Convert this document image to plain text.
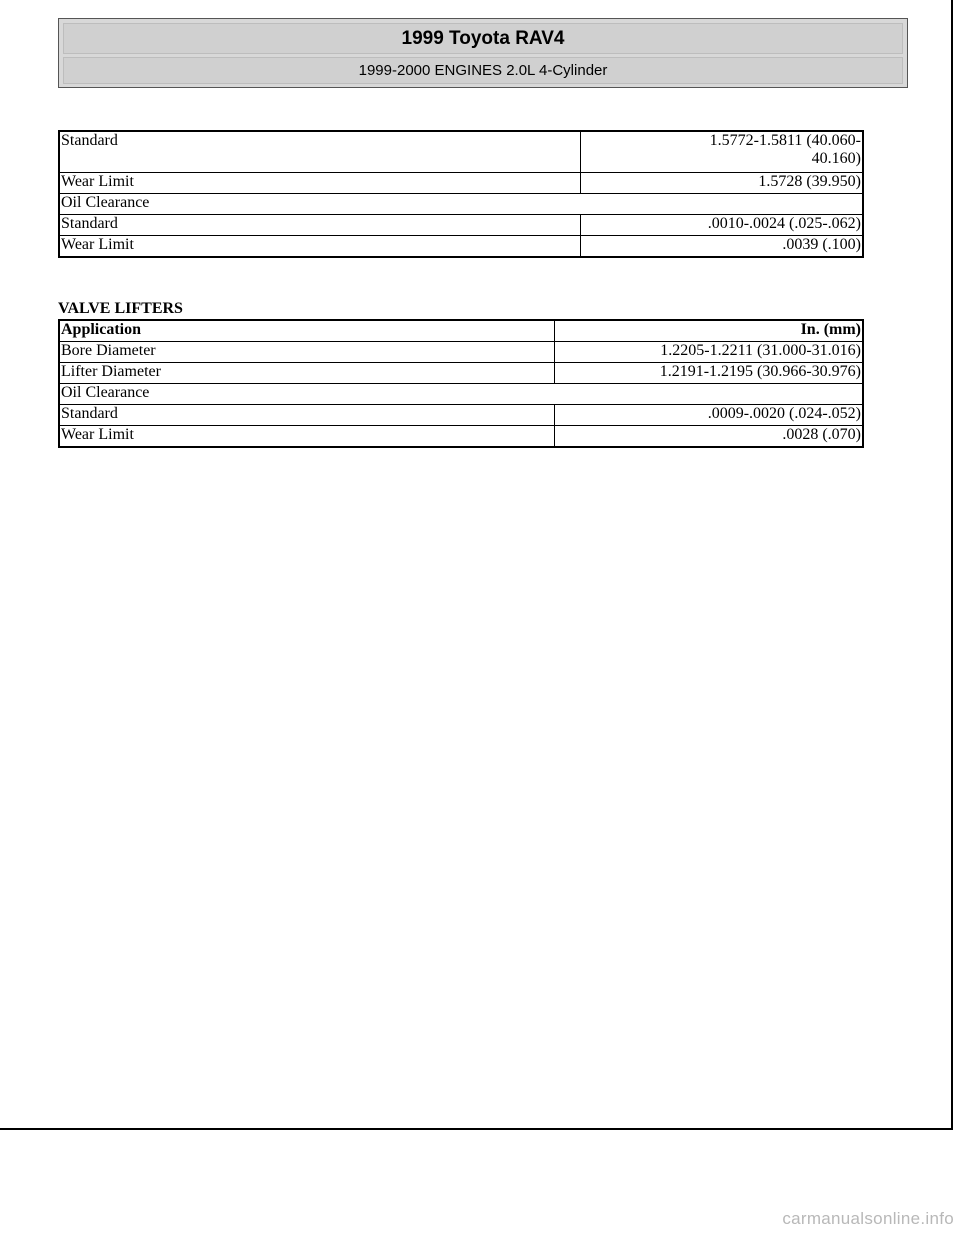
1999 Toyota RAV4
1999-2000 ENGINES 2.0L 4-Cylinder
Standard	1.5772-1.5811 (40.060-
40.160)
Wear Limit	1.5728 (39.950)
Oil Clearance	
Standard	.0010-.0024 (.025-.062)
Wear Limit	.0039 (.100)
VALVE LIFTERS
Application	In. (mm)
Bore Diameter	1.2205-1.2211 (31.000-31.016)
Lifter Diameter	1.2191-1.2195 (30.966-30.976)
Oil Clearance	
Standard	.0009-.0020 (.024-.052)
Wear Limit	.0028 (.070)
carmanualsonline.info
